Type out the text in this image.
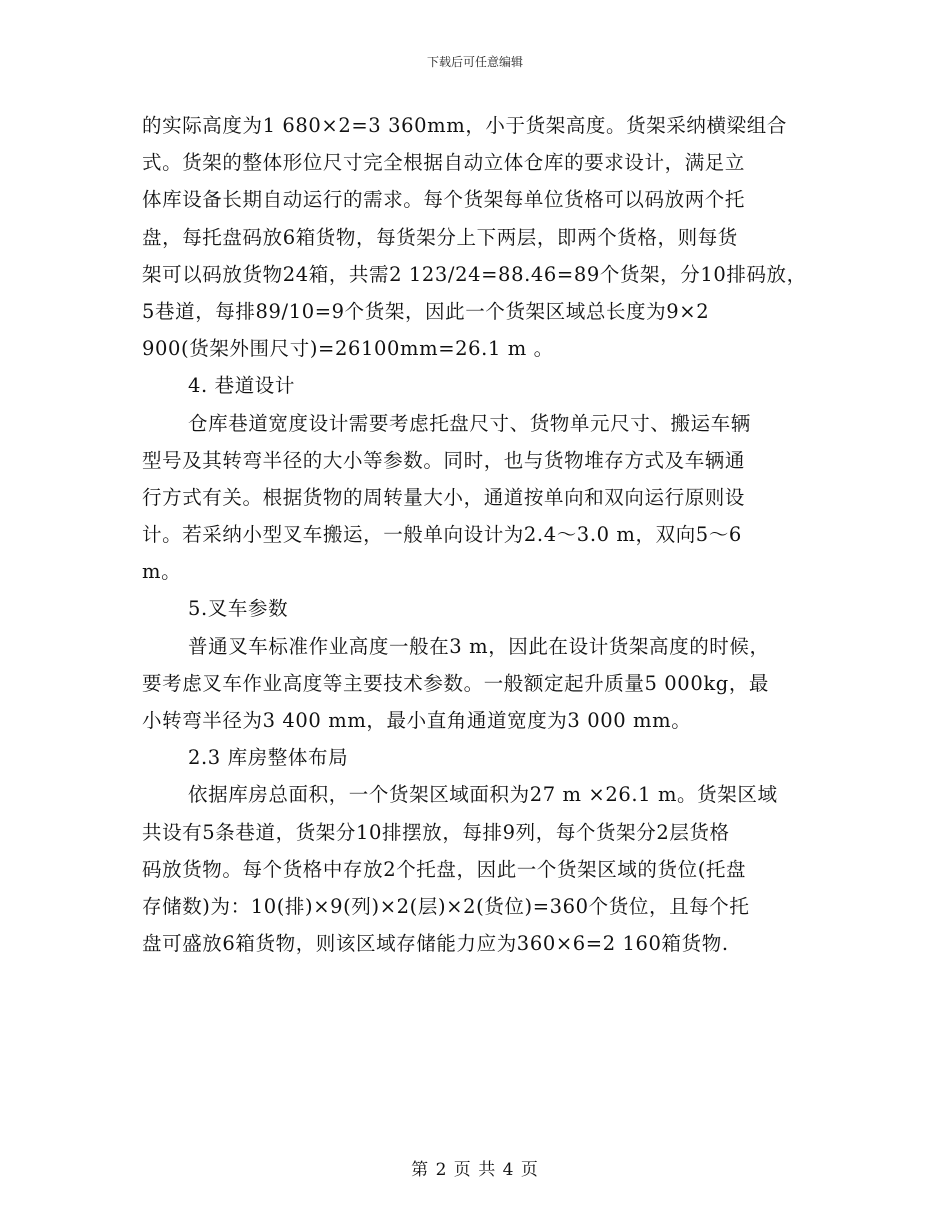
下载后可任意编辑
的实际高度为1 680×2=3 360mm，小于货架高度。货架采纳横梁组合
式。货架的整体形位尺寸完全根据自动立体仓库的要求设计，满足立
体库设备长期自动运行的需求。每个货架每单位货格可以码放两个托
盘，每托盘码放6箱货物，每货架分上下两层，即两个货格，则每货
架可以码放货物24箱，共需2 123/24=88.46=89个货架，分10排码放，
5巷道，每排89/10=9个货架，因此一个货架区域总长度为9×2
900(货架外围尺寸)=26100mm=26.1 m 。
4. 巷道设计
仓库巷道宽度设计需要考虑托盘尺寸、货物单元尺寸、搬运车辆
型号及其转弯半径的大小等参数。同时，也与货物堆存方式及车辆通
行方式有关。根据货物的周转量大小，通道按单向和双向运行原则设
计。若采纳小型叉车搬运，一般单向设计为2.4～3.0 m，双向5～6
m。
5.叉车参数
普通叉车标准作业高度一般在3 m，因此在设计货架高度的时候，
要考虑叉车作业高度等主要技术参数。一般额定起升质量5 000kg，最
小转弯半径为3 400 mm，最小直角通道宽度为3 000 mm。
2.3 库房整体布局
依据库房总面积，一个货架区域面积为27 m ×26.1 m。货架区域
共设有5条巷道，货架分10排摆放，每排9列，每个货架分2层货格
码放货物。每个货格中存放2个托盘，因此一个货架区域的货位(托盘
存储数)为：10(排)×9(列)×2(层)×2(货位)=360个货位，且每个托
盘可盛放6箱货物，则该区域存储能力应为360×6=2 160箱货物.
第 2 页 共 4 页
